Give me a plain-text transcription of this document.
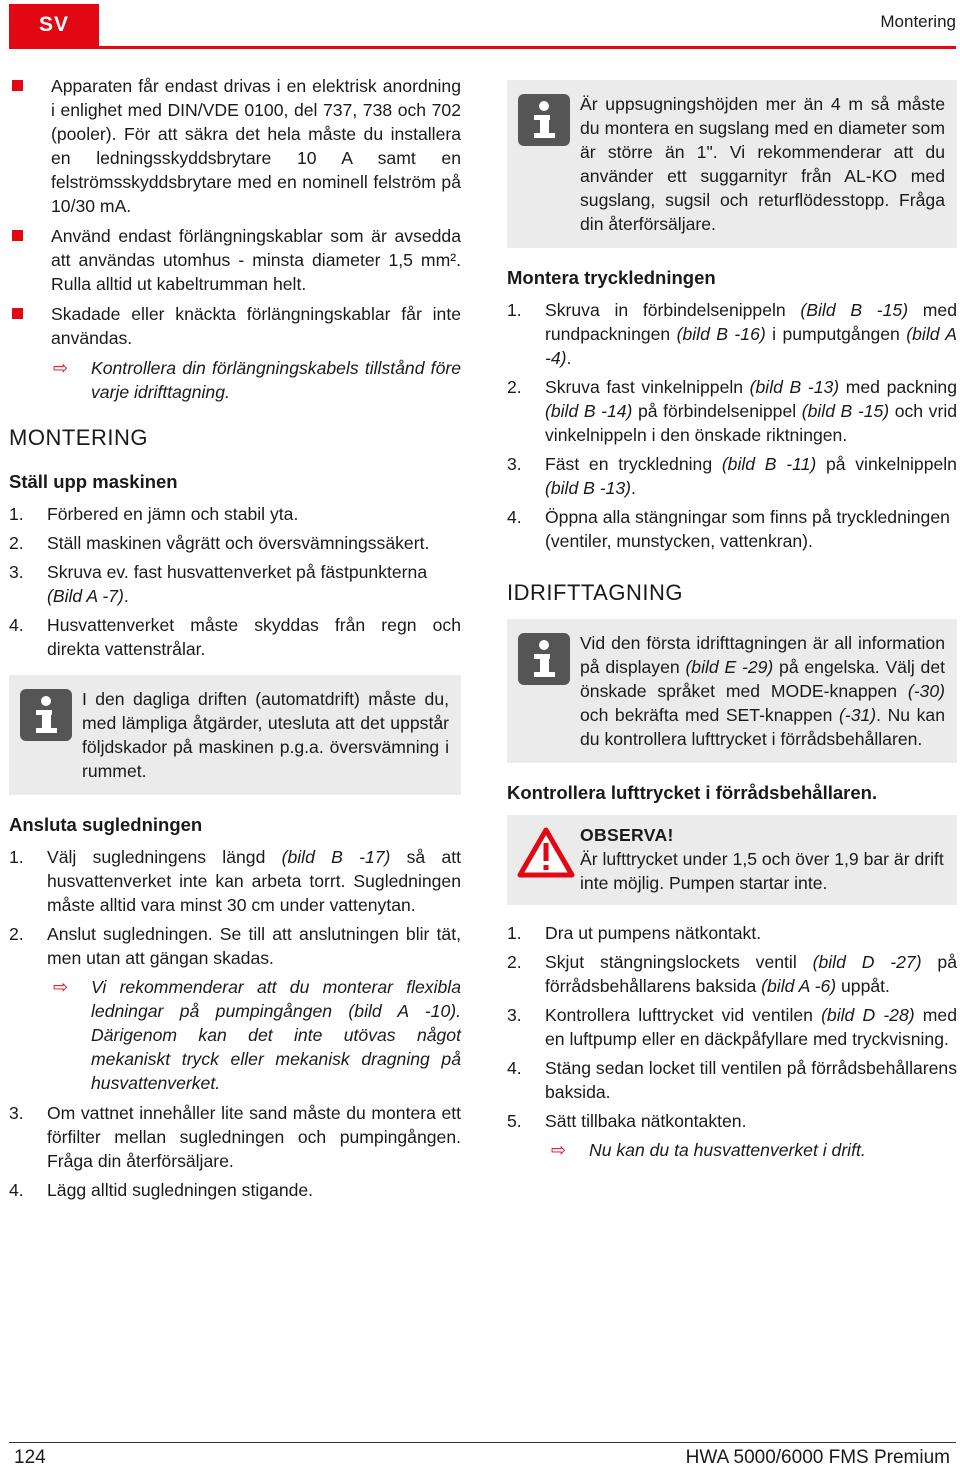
SV	Montering

Apparaten får endast drivas i en elektrisk anordning i enlighet med DIN/VDE 0100, del 737, 738 och 702 (pooler). För att säkra det hela måste du installera en ledningsskyddsbrytare 10 A samt en felströmsskyddsbrytare med en nominell felström på 10/30 mA.

Använd endast förlängningskablar som är avsedda att användas utomhus - minsta diameter 1,5 mm². Rulla alltid ut kabeltrumman helt.

Skadade eller knäckta förlängningskablar får inte användas.

⇨ Kontrollera din förlängningskabels tillstånd före varje idrifttagning.

MONTERING
Ställ upp maskinen

1. Förbered en jämn och stabil yta.

2. Ställ maskinen vågrätt och översvämningssäkert.

3. Skruva ev. fast husvattenverket på fästpunkterna (Bild A -7).

4. Husvattenverket måste skyddas från regn och direkta vattenstrålar.

I den dagliga driften (automatdrift) måste du, med lämpliga åtgärder, utesluta att det uppstår följdskador på maskinen p.g.a. översvämning i rummet.
Ansluta sugledningen

1. Välj sugledningens längd (bild B -17) så att husvattenverket inte kan arbeta torrt. Sugledningen måste alltid vara minst 30 cm under vattenytan.

2. Anslut sugledningen. Se till att anslutningen blir tät, men utan att gängan skadas.

⇨ Vi rekommenderar att du monterar flexibla ledningar på pumpingången (bild A -10). Därigenom kan det inte utövas något mekaniskt tryck eller mekanisk dragning på husvattenverket.

3. Om vattnet innehåller lite sand måste du montera ett förfilter mellan sugledningen och pumpingången. Fråga din återförsäljare.

4. Lägg alltid sugledningen stigande.

Är uppsugningshöjden mer än 4 m så måste du montera en sugslang med en diameter som är större än 1". Vi rekommenderar att du använder ett suggarnityr från AL-KO med sugslang, sugsil och returflödesstopp. Fråga din återförsäljare.
Montera tryckledningen

1. Skruva in förbindelsenippeln (Bild B -15) med rundpackningen (bild B -16) i pumputgången (bild A -4).

2. Skruva fast vinkelnippeln (bild B -13) med packning (bild B -14) på förbindelsenippel (bild B -15) och vrid vinkelnippeln i den önskade riktningen.

3. Fäst en tryckledning (bild B -11) på vinkelnippeln (bild B -13).

4. Öppna alla stängningar som finns på tryckledningen (ventiler, munstycken, vattenkran).

IDRIFTTAGNING
Vid den första idrifttagningen är all information på displayen (bild E -29) på engelska. Välj det önskade språket med MODE-knappen (-30) och bekräfta med SET-knappen (-31). Nu kan du kontrollera lufttrycket i förrådsbehållaren.
Kontrollera lufttrycket i förrådsbehållaren.
OBSERVA!
Är lufttrycket under 1,5 och över 1,9 bar är drift inte möjlig. Pumpen startar inte.

1. Dra ut pumpens nätkontakt.

2. Skjut stängningslockets ventil (bild D -27) på förrådsbehållarens baksida (bild A -6) uppåt.

3. Kontrollera lufttrycket vid ventilen (bild D -28) med en luftpump eller en däckpåfyllare med tryckvisning.

4. Stäng sedan locket till ventilen på förrådsbehållarens baksida.

5. Sätt tillbaka nätkontakten.

⇨ Nu kan du ta husvattenverket i drift.

124	HWA 5000/6000 FMS Premium
